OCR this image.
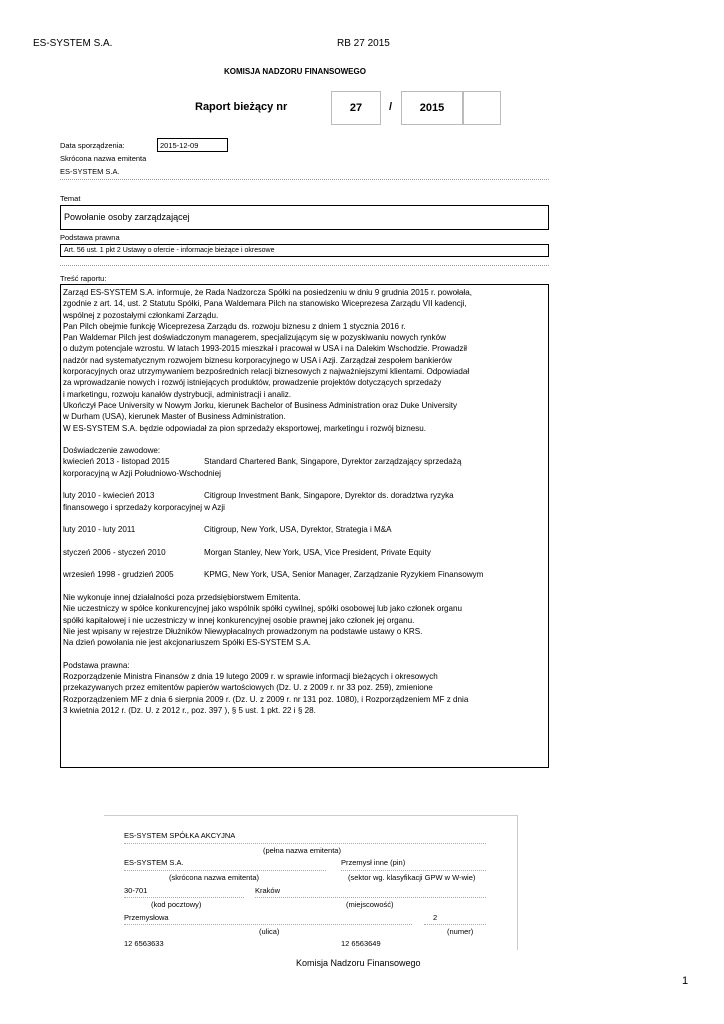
ES-SYSTEM S.A.	RB 27 2015
KOMISJA NADZORU FINANSOWEGO
Raport bieżący nr	27	/	2015
Data sporządzenia:	2015-12-09
Skrócona nazwa emitenta
ES-SYSTEM S.A.
Temat
Powołanie osoby zarządzającej
Podstawa prawna
Art. 56 ust. 1 pkt 2 Ustawy o ofercie - informacje bieżące i okresowe
Treść raportu:
Zarząd ES-SYSTEM S.A. informuje, że Rada Nadzorcza Spółki na posiedzeniu w dniu 9 grudnia 2015 r. powołała,
zgodnie z art. 14, ust. 2 Statutu Spółki, Pana Waldemara Pilch na stanowisko Wiceprezesa Zarządu VII kadencji,
wspólnej z pozostałymi członkami Zarządu.
Pan Pilch obejmie funkcję Wiceprezesa Zarządu ds. rozwoju biznesu z dniem 1 stycznia 2016 r.
Pan Waldemar Pilch jest doświadczonym managerem, specjalizującym się w pozyskiwaniu nowych rynków
o dużym potencjale wzrostu. W latach 1993-2015 mieszkał i pracował w USA i na Dalekim Wschodzie. Prowadził
nadzór nad systematycznym rozwojem biznesu korporacyjnego w USA i Azji. Zarządzał zespołem bankierów
korporacyjnych oraz utrzymywaniem bezpośrednich relacji biznesowych z najważniejszymi klientami. Odpowiadał
za wprowadzanie nowych i rozwój istniejących produktów, prowadzenie projektów dotyczących sprzedaży
i marketingu, rozwoju kanałów dystrybucji, administracji i analiz.
Ukończył Pace University w Nowym Jorku, kierunek Bachelor of Business Administration oraz Duke University
w Durham (USA), kierunek Master of Business Administration.
W ES-SYSTEM S.A. będzie odpowiadał za pion sprzedaży eksportowej, marketingu i rozwój biznesu.
Doświadczenie zawodowe:
kwiecień 2013 - listopad 2015	Standard Chartered Bank, Singapore, Dyrektor zarządzający sprzedażą
korporacyjną w Azji Południowo-Wschodniej
luty 2010 - kwiecień 2013	Citigroup Investment Bank, Singapore, Dyrektor ds. doradztwa ryzyka
finansowego i sprzedaży korporacyjnej w Azji
luty 2010 - luty 2011	Citigroup, New York, USA, Dyrektor, Strategia i M&A
styczeń 2006 - styczeń 2010	Morgan Stanley, New York, USA, Vice President, Private Equity
wrzesień 1998 - grudzień 2005	KPMG, New York, USA, Senior Manager, Zarządzanie Ryzykiem Finansowym
Nie wykonuje innej działalności poza przedsiębiorstwem Emitenta.
Nie uczestniczy w spółce konkurencyjnej jako wspólnik spółki cywilnej, spółki osobowej lub jako członek organu
spółki kapitałowej i nie uczestniczy w innej konkurencyjnej osobie prawnej jako członek jej organu.
Nie jest wpisany w rejestrze Dłużników Niewypłacalnych prowadzonym na podstawie ustawy o KRS.
Na dzień powołania nie jest akcjonariuszem Spółki ES-SYSTEM S.A.
Podstawa prawna:
Rozporządzenie Ministra Finansów z dnia 19 lutego 2009 r. w sprawie informacji bieżących i okresowych
przekazywanych przez emitentów papierów wartościowych (Dz. U. z 2009 r. nr 33 poz. 259), zmienione
Rozporządzeniem MF z dnia 6 sierpnia 2009 r. (Dz. U. z 2009 r. nr 131 poz. 1080), i Rozporządzeniem MF z dnia
3 kwietnia 2012 r. (Dz. U. z 2012 r., poz. 397 ), § 5 ust. 1 pkt. 22 i § 28.
ES-SYSTEM SPÓŁKA AKCYJNA
(pełna nazwa emitenta)
ES-SYSTEM S.A.	Przemysł inne (pin)
(skrócona nazwa emitenta)	(sektor wg. klasyfikacji GPW w W-wie)
30-701	Kraków
(kod pocztowy)	(miejscowość)
Przemysłowa	2
(ulica)	(numer)
12 6563633	12 6563649
Komisja Nadzoru Finansowego
1
